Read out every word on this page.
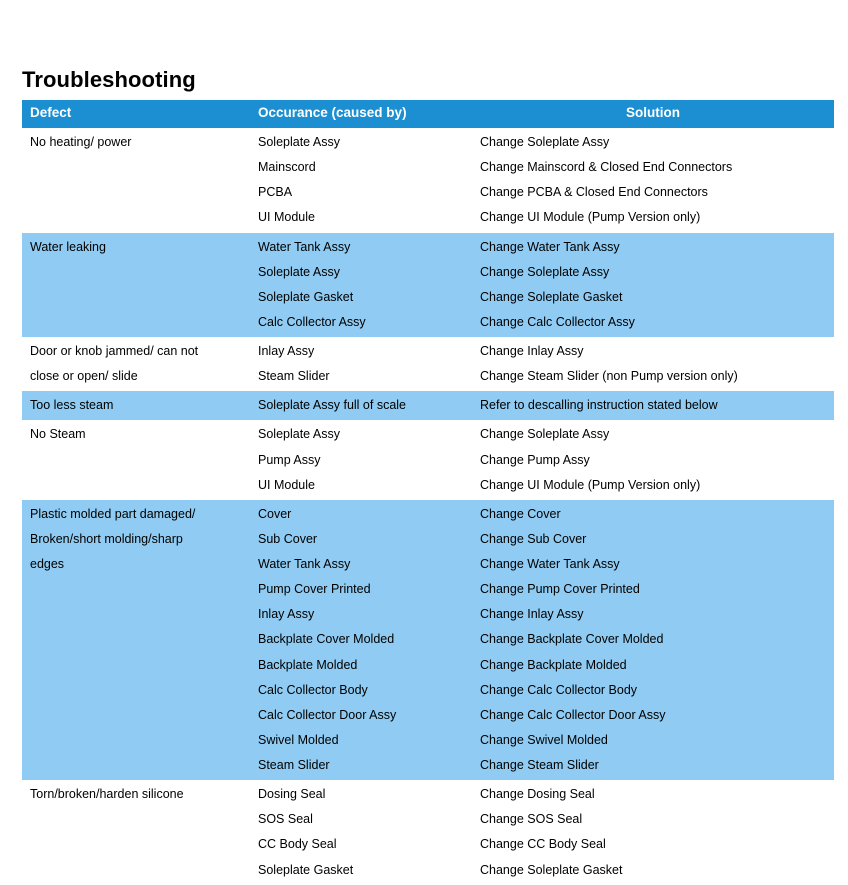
Troubleshooting
Defect	Occurance (caused by)	Solution
No heating/ power	Soleplate Assy	Change Soleplate Assy
	Mainscord	Change Mainscord & Closed End Connectors
	PCBA	Change PCBA & Closed End Connectors
	UI Module	Change UI Module (Pump Version only)
Water leaking	Water Tank Assy	Change Water Tank Assy
	Soleplate Assy	Change Soleplate Assy
	Soleplate Gasket	Change Soleplate Gasket
	Calc Collector Assy	Change Calc Collector Assy
Door or knob jammed/ can not	Inlay Assy	Change Inlay Assy
close or open/ slide	Steam Slider	Change Steam Slider (non Pump version only)
Too less steam	Soleplate Assy full of scale	Refer to descalling instruction stated below
No Steam	Soleplate Assy	Change Soleplate Assy
	Pump Assy	Change Pump Assy
	UI Module	Change UI Module (Pump Version only)
Plastic molded part damaged/	Cover	Change Cover
Broken/short molding/sharp	Sub Cover	Change Sub Cover
edges	Water Tank Assy	Change Water Tank Assy
	Pump Cover Printed	Change Pump Cover Printed
	Inlay Assy	Change Inlay Assy
	Backplate Cover Molded	Change Backplate Cover Molded
	Backplate Molded	Change Backplate Molded
	Calc Collector Body	Change Calc Collector Body
	Calc Collector Door Assy	Change Calc Collector Door Assy
	Swivel Molded	Change Swivel Molded
	Steam Slider	Change Steam Slider
Torn/broken/harden silicone	Dosing Seal	Change Dosing Seal
	SOS Seal	Change SOS Seal
	CC Body Seal	Change CC Body Seal
	Soleplate Gasket	Change Soleplate Gasket
